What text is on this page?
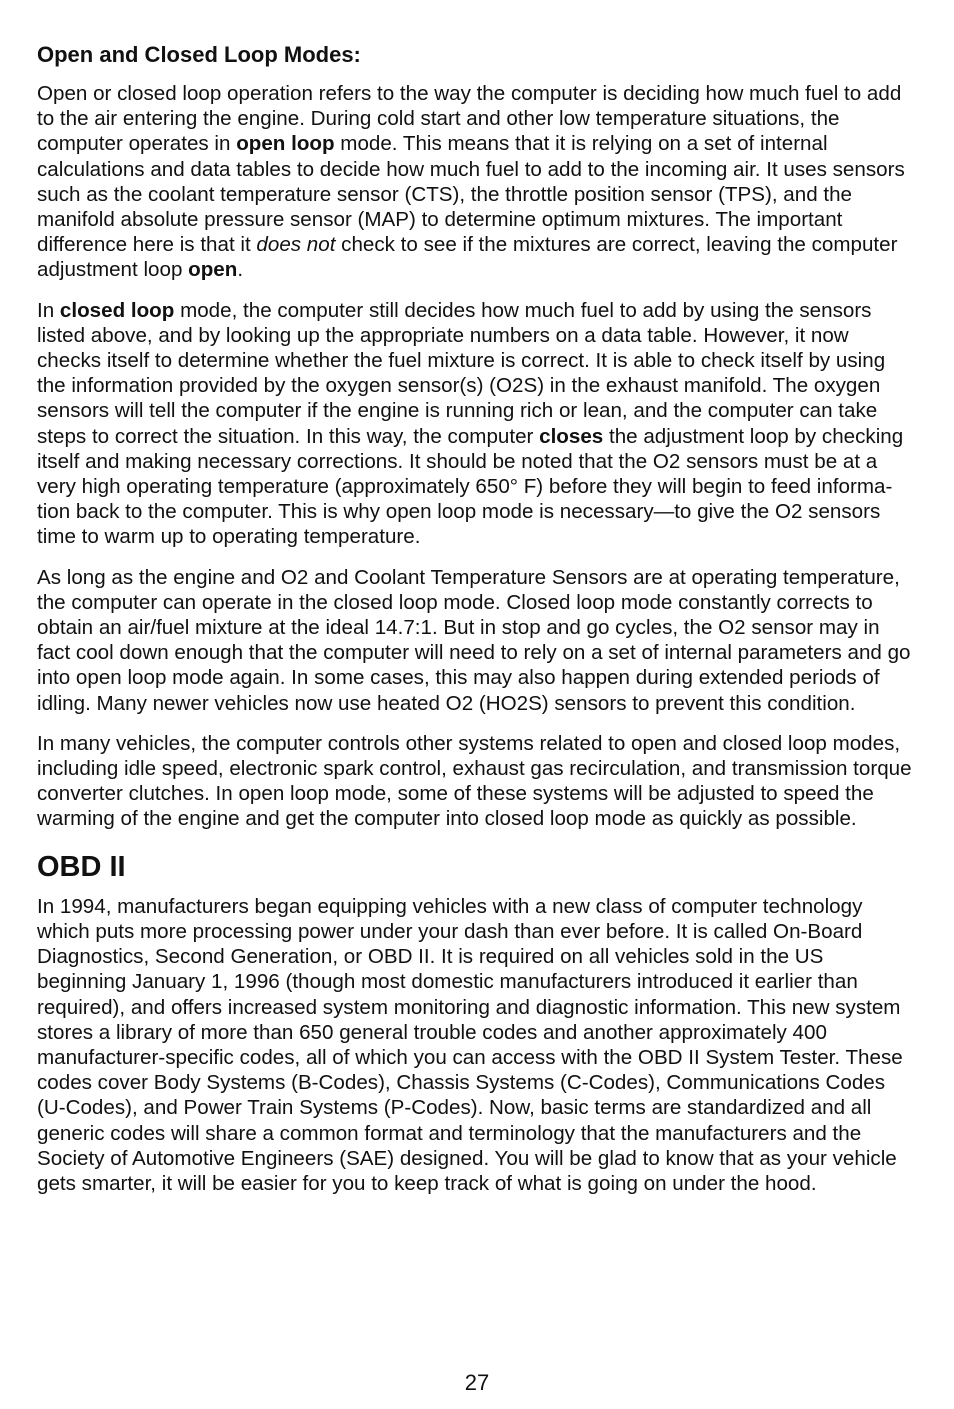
Open and Closed Loop Modes:

Open or closed loop operation refers to the way the computer is deciding how much fuel to add to the air entering the engine. During cold start and other low temperature situations, the computer operates in open loop mode. This means that it is relying on a set of internal calculations and data tables to decide how much fuel to add to the incoming air. It uses sensors such as the coolant temperature sensor (CTS), the throttle position sensor (TPS), and the manifold absolute pressure sensor (MAP) to determine optimum mixtures. The important difference here is that it does not check to see if the mixtures are correct, leaving the computer adjustment loop open.

In closed loop mode, the computer still decides how much fuel to add by using the sensors listed above, and by looking up the appropriate numbers on a data table. However, it now checks itself to determine whether the fuel mixture is correct. It is able to check itself by using the information provided by the oxygen sensor(s) (O2S) in the exhaust manifold. The oxygen sensors will tell the computer if the engine is running rich or lean, and the computer can take steps to correct the situation. In this way, the computer closes the adjustment loop by checking itself and making necessary corrections. It should be noted that the O2 sensors must be at a very high operating temperature (approximately 650° F) before they will begin to feed information back to the computer. This is why open loop mode is necessary—to give the O2 sensors time to warm up to operating temperature.

As long as the engine and O2 and Coolant Temperature Sensors are at operating temperature, the computer can operate in the closed loop mode. Closed loop mode constantly corrects to obtain an air/fuel mixture at the ideal 14.7:1. But in stop and go cycles, the O2 sensor may in fact cool down enough that the computer will need to rely on a set of internal parameters and go into open loop mode again. In some cases, this may also happen during extended periods of idling. Many newer vehicles now use heated O2 (HO2S) sensors to prevent this condition.

In many vehicles, the computer controls other systems related to open and closed loop modes, including idle speed, electronic spark control, exhaust gas recirculation, and transmission torque converter clutches. In open loop mode, some of these systems will be adjusted to speed the warming of the engine and get the computer into closed loop mode as quickly as possible.

OBD II

In 1994, manufacturers began equipping vehicles with a new class of computer technology which puts more processing power under your dash than ever before. It is called On-Board Diagnostics, Second Generation, or OBD II. It is required on all vehicles sold in the US beginning January 1, 1996 (though most domestic manufacturers introduced it earlier than required), and offers increased system monitoring and diagnostic information. This new system stores a library of more than 650 general trouble codes and another approximately 400 manufacturer-specific codes, all of which you can access with the OBD II System Tester. These codes cover Body Systems (B-Codes), Chassis Systems (C-Codes), Communications Codes (U-Codes), and Power Train Systems (P-Codes). Now, basic terms are standardized and all generic codes will share a common format and terminology that the manufacturers and the Society of Automotive Engineers (SAE) designed. You will be glad to know that as your vehicle gets smarter, it will be easier for you to keep track of what is going on under the hood.

27
